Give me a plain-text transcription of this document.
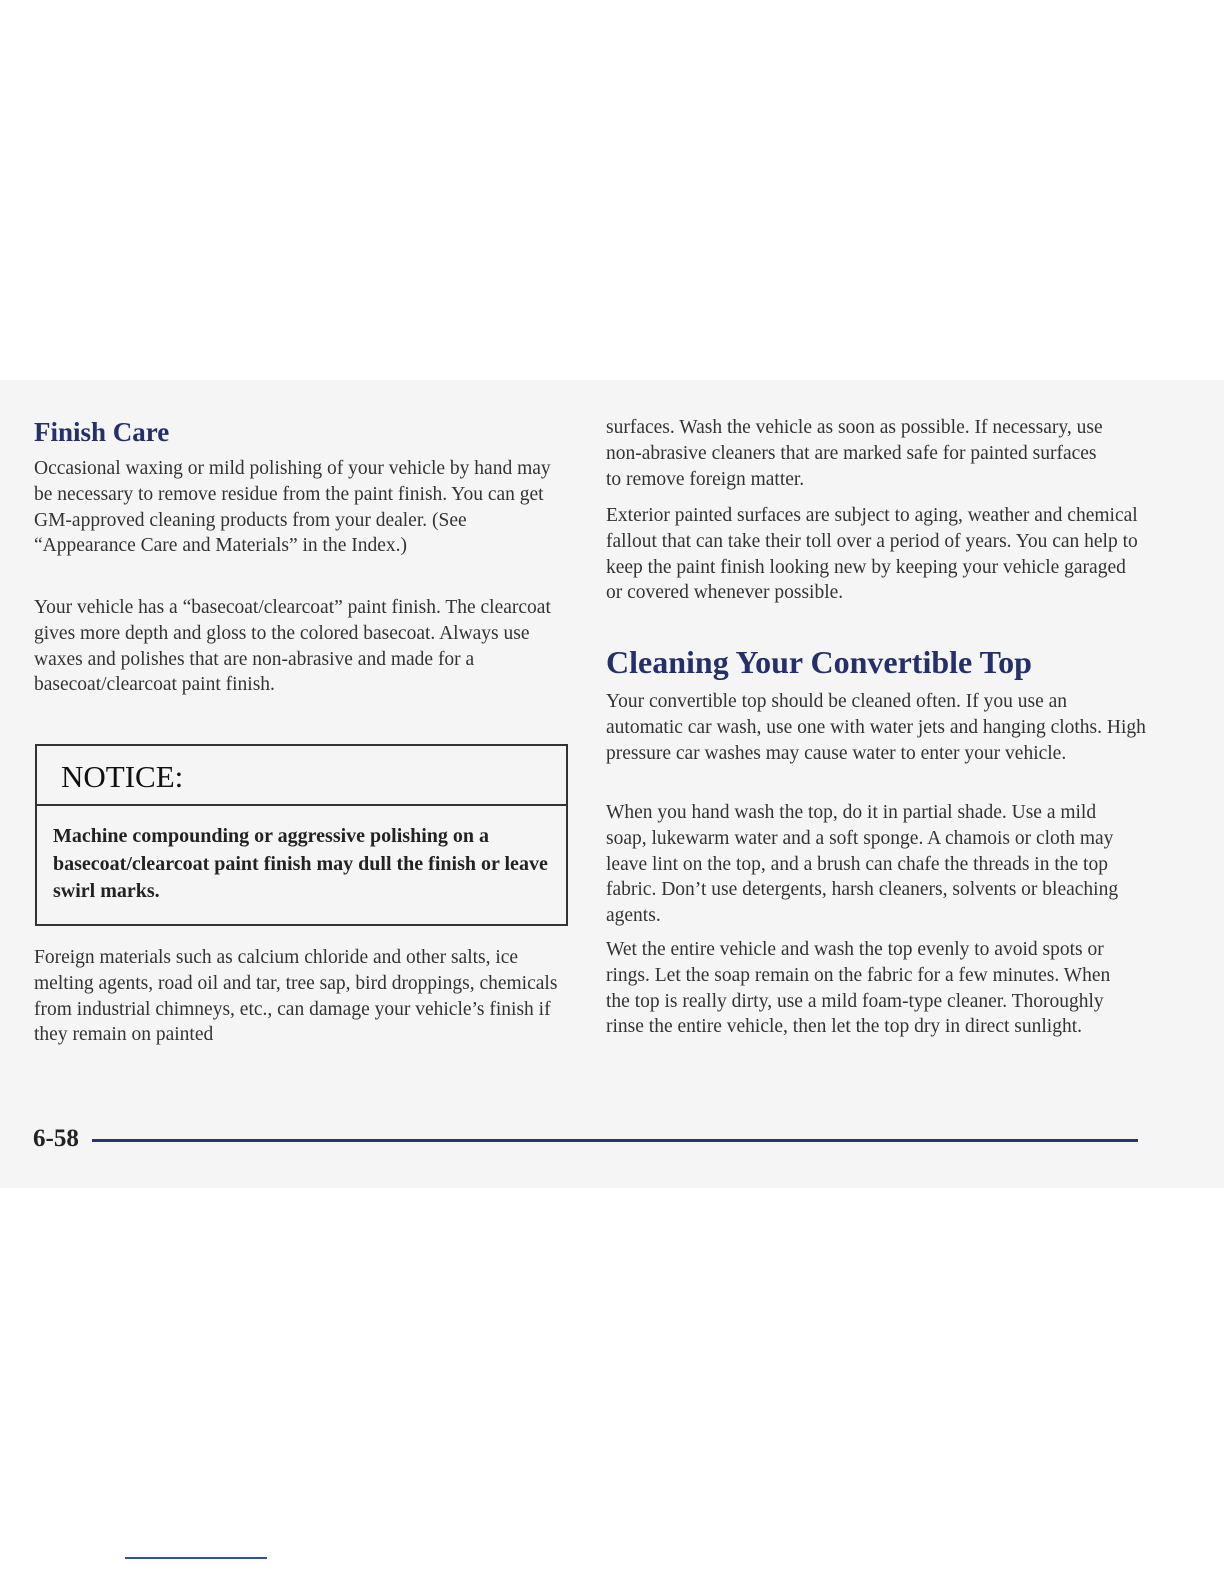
Finish Care

Occasional waxing or mild polishing of your vehicle by hand may be necessary to remove residue from the paint finish. You can get GM-approved cleaning products from your dealer. (See “Appearance Care and Materials” in the Index.)

Your vehicle has a “basecoat/clearcoat” paint finish. The clearcoat gives more depth and gloss to the colored basecoat. Always use waxes and polishes that are non-abrasive and made for a basecoat/clearcoat paint finish.

NOTICE:
Machine compounding or aggressive polishing on a basecoat/clearcoat paint finish may dull the finish or leave swirl marks.

Foreign materials such as calcium chloride and other salts, ice melting agents, road oil and tar, tree sap, bird droppings, chemicals from industrial chimneys, etc., can damage your vehicle’s finish if they remain on painted

surfaces. Wash the vehicle as soon as possible. If necessary, use non-abrasive cleaners that are marked safe for painted surfaces to remove foreign matter.

Exterior painted surfaces are subject to aging, weather and chemical fallout that can take their toll over a period of years. You can help to keep the paint finish looking new by keeping your vehicle garaged or covered whenever possible.

Cleaning Your Convertible Top

Your convertible top should be cleaned often. If you use an automatic car wash, use one with water jets and hanging cloths. High pressure car washes may cause water to enter your vehicle.

When you hand wash the top, do it in partial shade. Use a mild soap, lukewarm water and a soft sponge. A chamois or cloth may leave lint on the top, and a brush can chafe the threads in the top fabric. Don’t use detergents, harsh cleaners, solvents or bleaching agents.

Wet the entire vehicle and wash the top evenly to avoid spots or rings. Let the soap remain on the fabric for a few minutes. When the top is really dirty, use a mild foam-type cleaner. Thoroughly rinse the entire vehicle, then let the top dry in direct sunlight.

6-58
